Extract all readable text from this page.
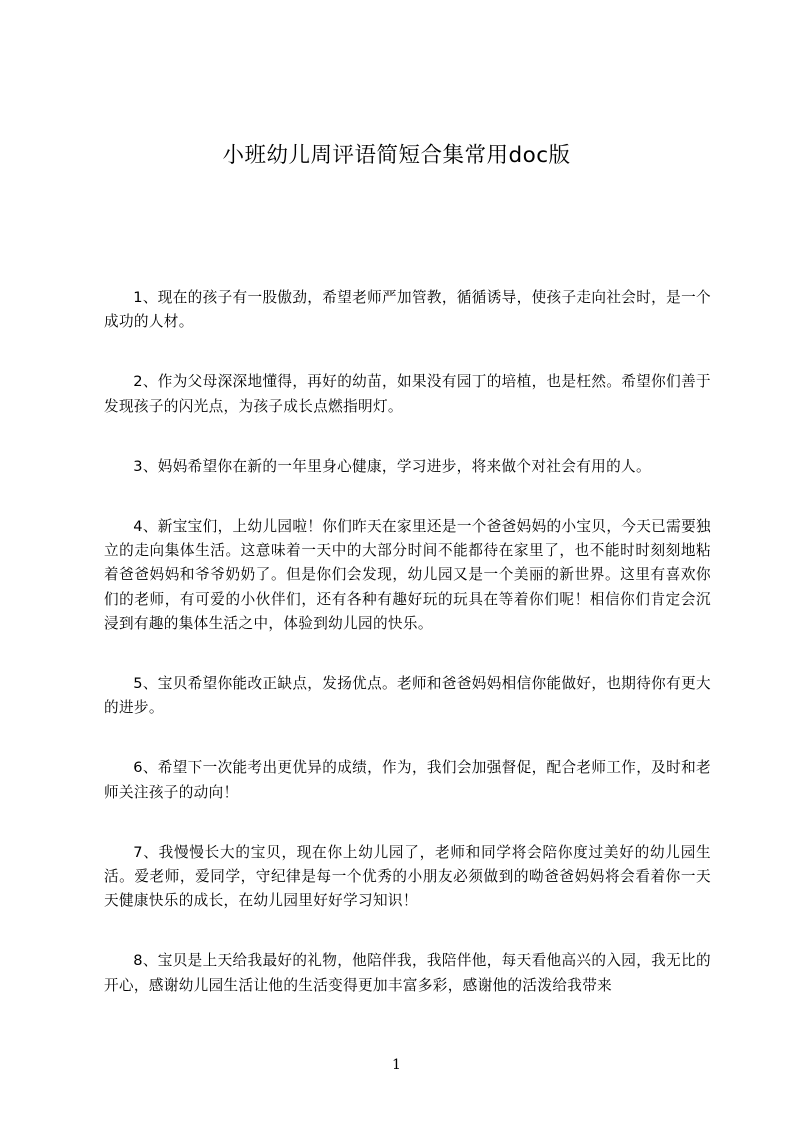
小班幼儿周评语简短合集常用doc版

1、现在的孩子有一股傲劲，希望老师严加管教，循循诱导，使孩子走向社会时，是一个成功的人材。

2、作为父母深深地懂得，再好的幼苗，如果没有园丁的培植，也是枉然。希望你们善于发现孩子的闪光点，为孩子成长点燃指明灯。

3、妈妈希望你在新的一年里身心健康，学习进步，将来做个对社会有用的人。

4、新宝宝们，上幼儿园啦！你们昨天在家里还是一个爸爸妈妈的小宝贝，今天已需要独立的走向集体生活。这意味着一天中的大部分时间不能都待在家里了，也不能时时刻刻地粘着爸爸妈妈和爷爷奶奶了。但是你们会发现，幼儿园又是一个美丽的新世界。这里有喜欢你们的老师，有可爱的小伙伴们，还有各种有趣好玩的玩具在等着你们呢！相信你们肯定会沉浸到有趣的集体生活之中，体验到幼儿园的快乐。

5、宝贝希望你能改正缺点，发扬优点。老师和爸爸妈妈相信你能做好，也期待你有更大的进步。

6、希望下一次能考出更优异的成绩，作为，我们会加强督促，配合老师工作，及时和老师关注孩子的动向！

7、我慢慢长大的宝贝，现在你上幼儿园了，老师和同学将会陪你度过美好的幼儿园生活。爱老师，爱同学，守纪律是每一个优秀的小朋友必须做到的呦爸爸妈妈将会看着你一天天健康快乐的成长，在幼儿园里好好学习知识！

8、宝贝是上天给我最好的礼物，他陪伴我，我陪伴他，每天看他高兴的入园，我无比的开心，感谢幼儿园生活让他的生活变得更加丰富多彩，感谢他的活泼给我带来

1
